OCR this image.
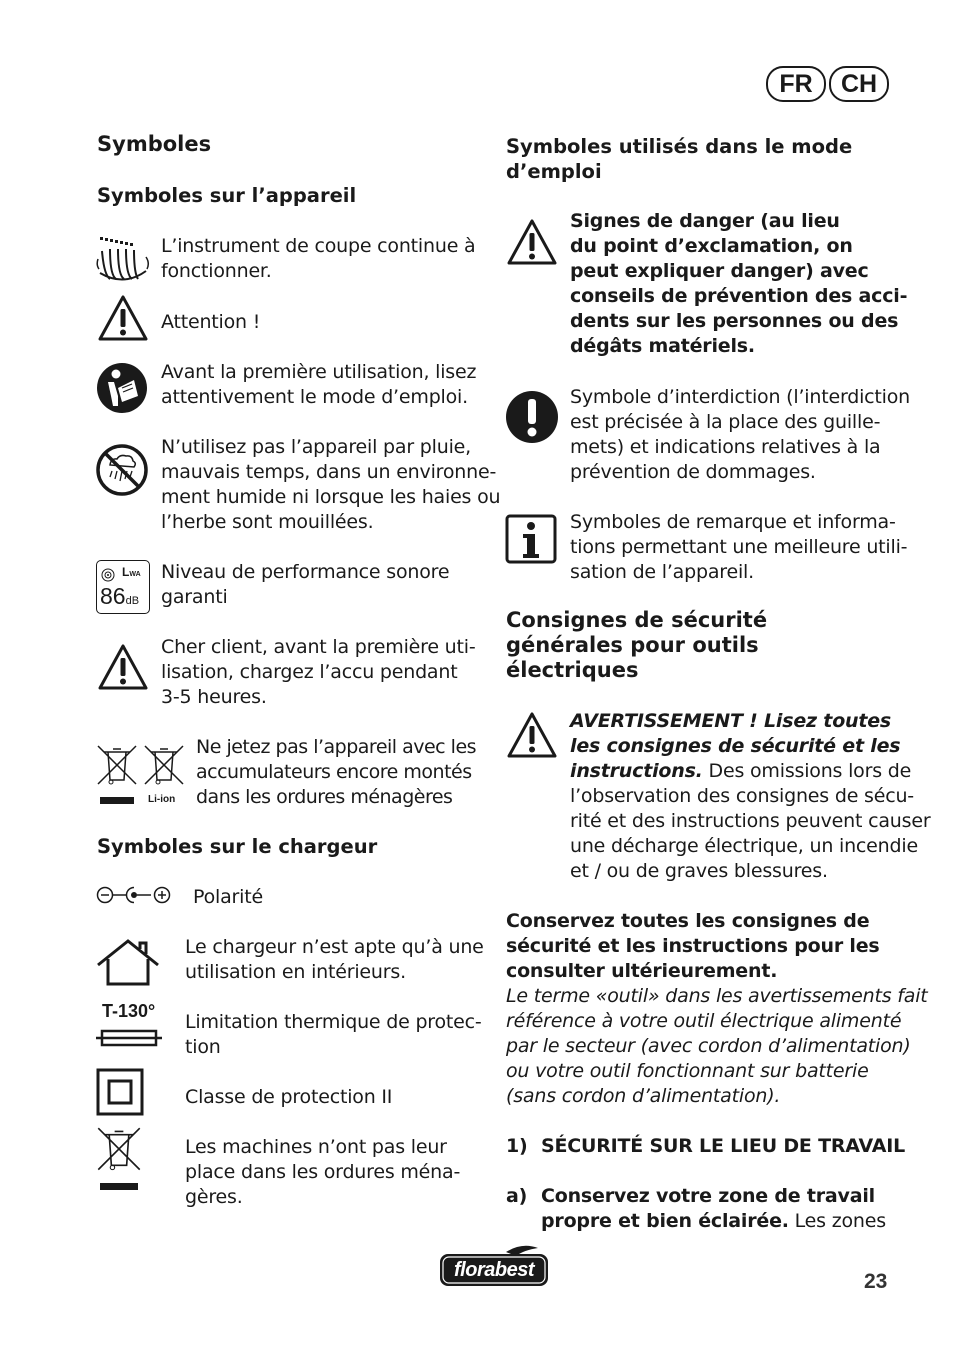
FR	CH
Symboles
Symboles sur l’appareil
L’instrument de coupe continue à
fonctionner.
Attention !
Avant la première utilisation, lisez
attentivement le mode d’emploi.
N’utilisez pas l’appareil par pluie,
mauvais temps, dans un environne-
ment humide ni lorsque les haies ou
l’herbe sont mouillées.
LWA
86dB
Niveau de performance sonore
garanti
Cher client, avant la première uti-
lisation, chargez l’accu pendant
3-5 heures.
Li-ion
Ne jetez pas l’appareil avec les
accumulateurs encore montés
dans les ordures ménagères
Symboles sur le chargeur
Polarité
Le chargeur n’est apte qu’à une
utilisation en intérieurs.
T-130° Limitation thermique de protec-
tion
Classe de protection II
Les machines n’ont pas leur
place dans les ordures ména-
gères.
Symboles utilisés dans le mode
d’emploi
Signes de danger (au lieu
du point d’exclamation, on
peut expliquer danger) avec
conseils de prévention des acci-
dents sur les personnes ou des
dégâts matériels.
Symbole d’interdiction (l’interdiction
est précisée à la place des guille-
mets) et indications relatives à la
prévention de dommages.
Symboles de remarque et informa-
tions permettant une meilleure utili-
sation de l’appareil.
Consignes de sécurité
générales pour outils
électriques
AVERTISSEMENT ! Lisez toutes
les consignes de sécurité et les
instructions. Des omissions lors de
l’observation des consignes de sécu-
rité et des instructions peuvent causer
une décharge électrique, un incendie
et / ou de graves blessures.
Conservez toutes les consignes de
sécurité et les instructions pour les
consulter ultérieurement.
Le terme «outil» dans les avertissements fait
référence à votre outil électrique alimenté
par le secteur (avec cordon d’alimentation)
ou votre outil fonctionnant sur batterie
(sans cordon d’alimentation).
1) SÉCURITÉ SUR LE LIEU DE TRAVAIL
a) Conservez votre zone de travail
propre et bien éclairée. Les zones
florabest	23
